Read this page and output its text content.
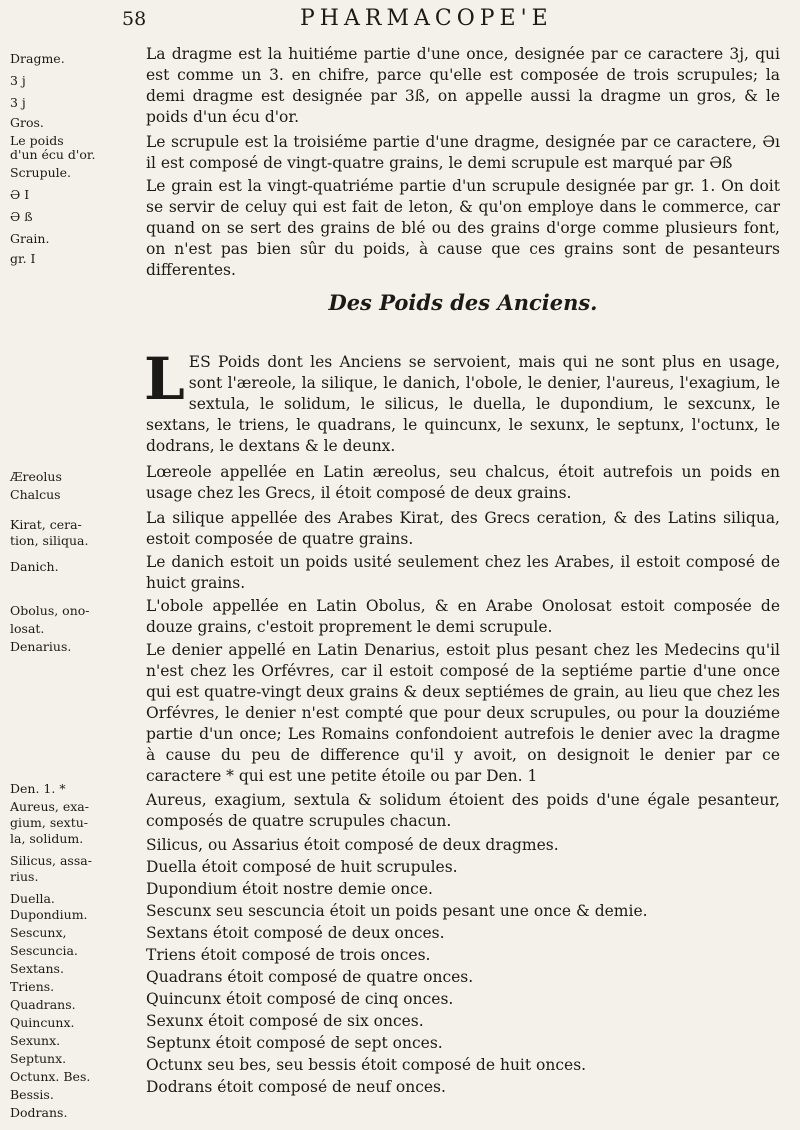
58	PHARMACOPE'E
Dragme.
3 j
3 j
Gros.
Le poids
d'un écu d'or.
Scrupule.
Ə I
Ə ß
Grain.
gr. I
Æreolus
Chalcus
Kirat, cera-
tion, siliqua.
Danich.
Obolus, ono-
losat.
Denarius.
Den. 1. *
Aureus, exa-
gium, sextu-
la, solidum.
Silicus, assa-
rius.
Duella.
Dupondium.
Sescunx,
Sescuncia.
Sextans.
Triens.
Quadrans.
Quincunx.
Sexunx.
Septunx.
Octunx. Bes.
Bessis.
Dodrans.
La dragme est la huitiéme partie d'une once, designée par ce caractere 3j, qui est comme un 3. en chifre, parce qu'elle est composée de trois scrupules; la demi dragme est designée par 3ß, on appelle aussi la dragme un gros, & le poids d'un écu d'or.
Le scrupule est la troisiéme partie d'une dragme, designée par ce caractere, Əı il est composé de vingt-quatre grains, le demi scrupule est marqué par Əß
Le grain est la vingt-quatriéme partie d'un scrupule designée par gr. 1. On doit se servir de celuy qui est fait de leton, & qu'on employe dans le commerce, car quand on se sert des grains de blé ou des grains d'orge comme plusieurs font, on n'est pas bien sûr du poids, à cause que ces grains sont de pesanteurs differentes.
Des Poids des Anciens.
L ES Poids dont les Anciens se servoient, mais qui ne sont plus en usage, sont l'æreole, la silique, le danich, l'obole, le denier, l'aureus, l'exagium, le sextula, le solidum, le silicus, le duella, le dupondium, le sexcunx, le sextans, le triens, le quadrans, le quincunx, le sexunx, le septunx, l'octunx, le dodrans, le dextans & le deunx.
Lœreole appellée en Latin æreolus, seu chalcus, étoit autrefois un poids en usage chez les Grecs, il étoit composé de deux grains.
La silique appellée des Arabes Kirat, des Grecs ceration, & des Latins siliqua, estoit composée de quatre grains.
Le danich estoit un poids usité seulement chez les Arabes, il estoit composé de huict grains.
L'obole appellée en Latin Obolus, & en Arabe Onolosat estoit composée de douze grains, c'estoit proprement le demi scrupule.
Le denier appellé en Latin Denarius, estoit plus pesant chez les Medecins qu'il n'est chez les Orfévres, car il estoit composé de la septiéme partie d'une once qui est quatre-vingt deux grains & deux septiémes de grain, au lieu que chez les Orfévres, le denier n'est compté que pour deux scrupules, ou pour la douziéme partie d'un once; Les Romains confondoient autrefois le denier avec la dragme à cause du peu de difference qu'il y avoit, on designoit le denier par ce caractere * qui est une petite étoile ou par Den. 1
Aureus, exagium, sextula & solidum étoient des poids d'une égale pesanteur, composés de quatre scrupules chacun.
Silicus, ou Assarius étoit composé de deux dragmes.
Duella étoit composé de huit scrupules.
Dupondium étoit nostre demie once.
Sescunx seu sescuncia étoit un poids pesant une once & demie.
Sextans étoit composé de deux onces.
Triens étoit composé de trois onces.
Quadrans étoit composé de quatre onces.
Quincunx étoit composé de cinq onces.
Sexunx étoit composé de six onces.
Septunx étoit composé de sept onces.
Octunx seu bes, seu bessis étoit composé de huit onces.
Dodrans étoit composé de neuf onces.
